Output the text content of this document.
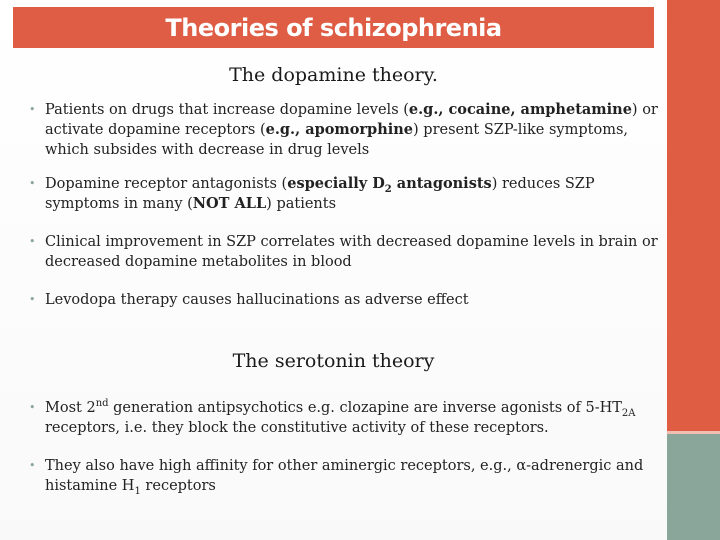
Theories of schizophrenia
The dopamine theory.
• Patients on drugs that increase dopamine levels (e.g., cocaine, amphetamine) or activate dopamine receptors (e.g., apomorphine) present SZP-like symptoms, which subsides with decrease in drug levels
• Dopamine receptor antagonists (especially $D_2$ antagonists) reduces SZP symptoms in many (NOT ALL) patients
• Clinical improvement in SZP correlates with decreased dopamine levels in brain or decreased dopamine metabolites in blood
• Levodopa therapy causes hallucinations as adverse effect
The serotonin theory
• Most 2nd generation antipsychotics e.g. clozapine are inverse agonists of $5-HT_{2A}$ receptors, i.e. they block the constitutive activity of these receptors.
• They also have high affinity for other aminergic receptors, e.g., α-adrenergic and histamine $H_1$ receptors
